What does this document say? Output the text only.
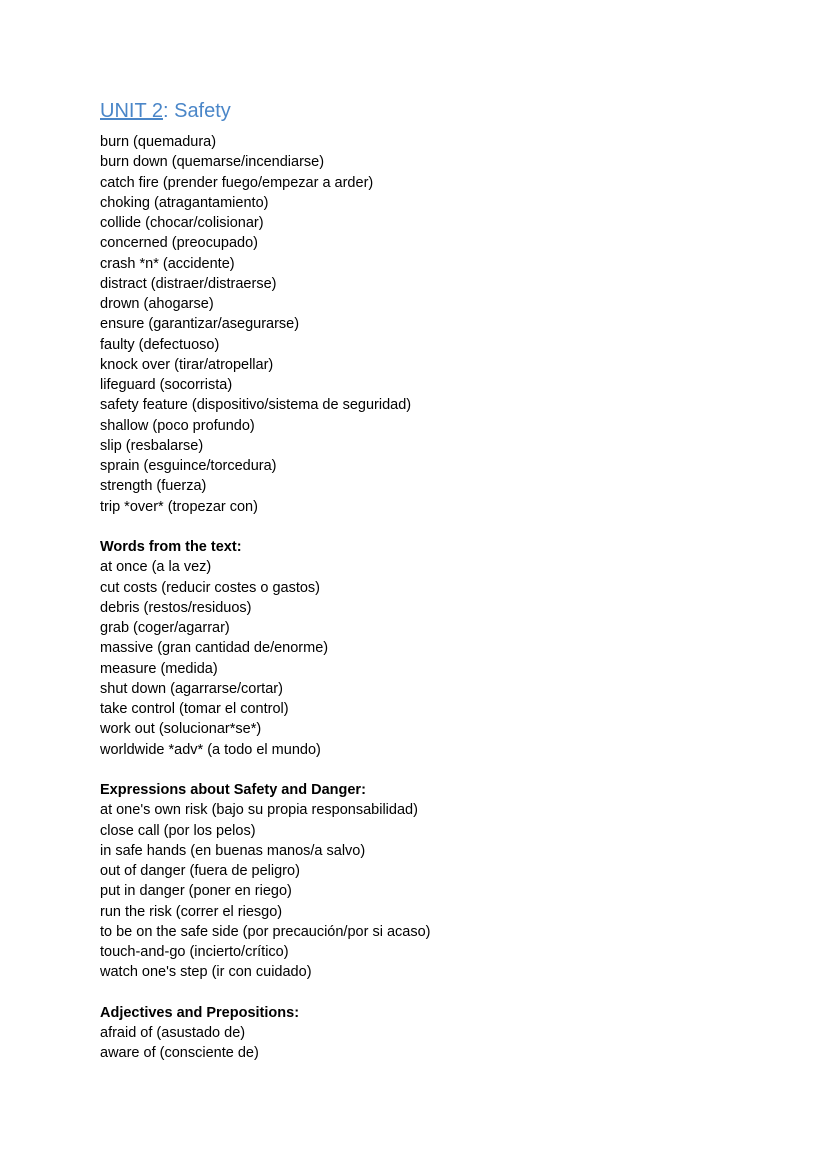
UNIT 2: Safety
burn (quemadura)
burn down (quemarse/incendiarse)
catch fire (prender fuego/empezar a arder)
choking (atragantamiento)
collide (chocar/colisionar)
concerned (preocupado)
crash *n* (accidente)
distract (distraer/distraerse)
drown (ahogarse)
ensure (garantizar/asegurarse)
faulty (defectuoso)
knock over (tirar/atropellar)
lifeguard (socorrista)
safety feature (dispositivo/sistema de seguridad)
shallow (poco profundo)
slip (resbalarse)
sprain (esguince/torcedura)
strength (fuerza)
trip *over* (tropezar con)
Words from the text:
at once (a la vez)
cut costs (reducir costes o gastos)
debris (restos/residuos)
grab (coger/agarrar)
massive (gran cantidad de/enorme)
measure (medida)
shut down (agarrarse/cortar)
take control (tomar el control)
work out (solucionar*se*)
worldwide *adv* (a todo el mundo)
Expressions about Safety and Danger:
at one's own risk (bajo su propia responsabilidad)
close call (por los pelos)
in safe hands (en buenas manos/a salvo)
out of danger (fuera de peligro)
put in danger (poner en riego)
run the risk (correr el riesgo)
to be on the safe side (por precaución/por si acaso)
touch-and-go (incierto/crítico)
watch one's step (ir con cuidado)
Adjectives and Prepositions:
afraid of (asustado de)
aware of (consciente de)
